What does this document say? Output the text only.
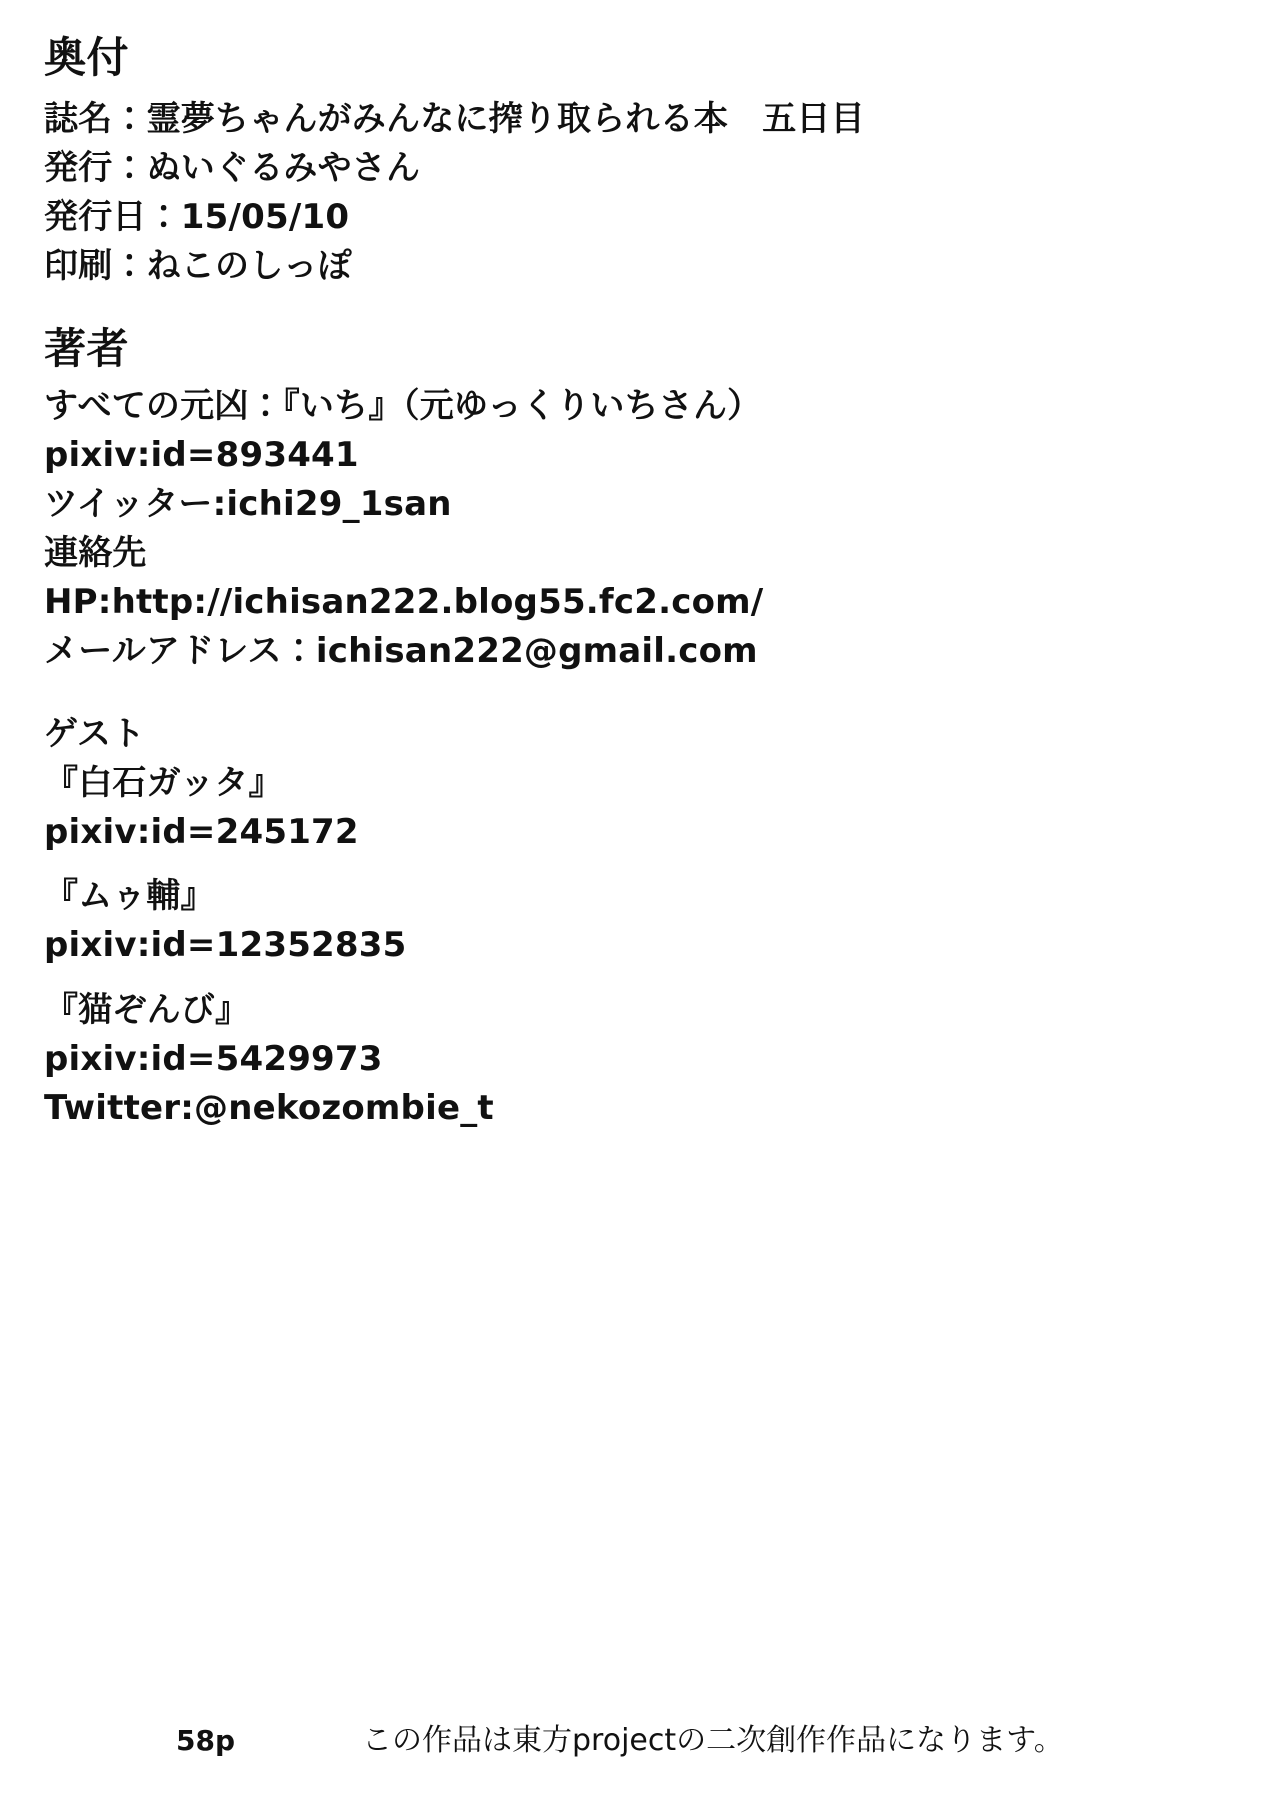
奥付
誌名：霊夢ちゃんがみんなに搾り取られる本　五日目
発行：ぬいぐるみやさん
発行日：15/05/10
印刷：ねこのしっぽ
著者
すべての元凶：『いち』（元ゆっくりいちさん）
pixiv:id=893441
ツイッター:ichi29_1san
連絡先
HP:http://ichisan222.blog55.fc2.com/
メールアドレス：ichisan222@gmail.com
ゲスト
『白石ガッタ』
pixiv:id=245172
『ムゥ輔』
pixiv:id=12352835
『猫ぞんび』
pixiv:id=5429973
Twitter:@nekozombie_t
58p	この作品は東方projectの二次創作作品になります。
